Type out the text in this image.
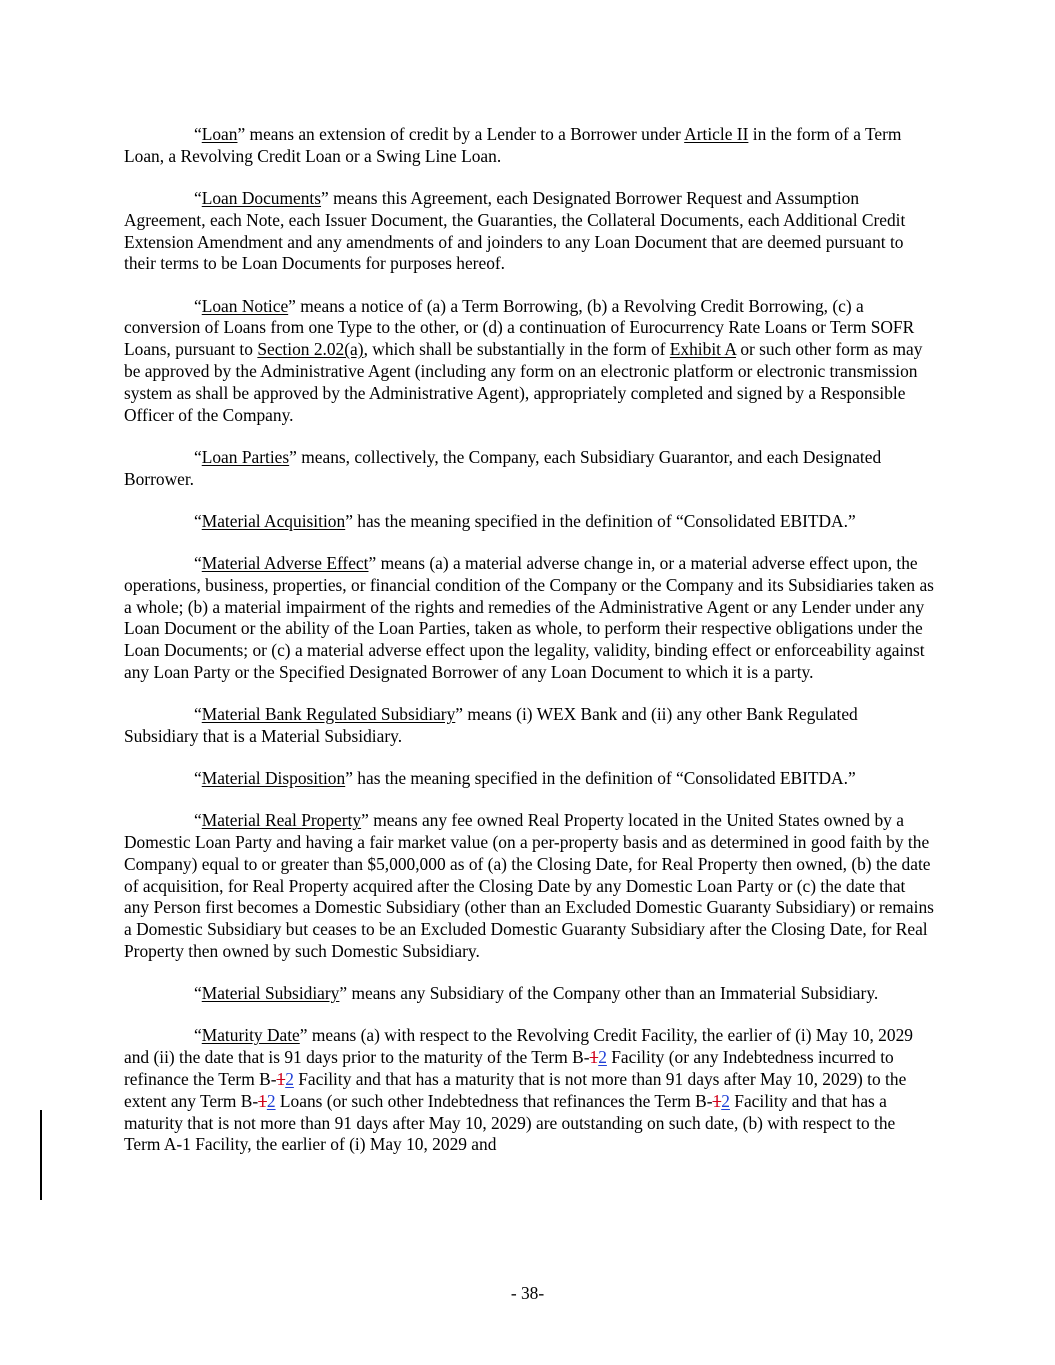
“Loan” means an extension of credit by a Lender to a Borrower under Article II in the form of a Term Loan, a Revolving Credit Loan or a Swing Line Loan.

“Loan Documents” means this Agreement, each Designated Borrower Request and Assumption Agreement, each Note, each Issuer Document, the Guaranties, the Collateral Documents, each Additional Credit Extension Amendment and any amendments of and joinders to any Loan Document that are deemed pursuant to their terms to be Loan Documents for purposes hereof.

“Loan Notice” means a notice of (a) a Term Borrowing, (b) a Revolving Credit Borrowing, (c) a conversion of Loans from one Type to the other, or (d) a continuation of Eurocurrency Rate Loans or Term SOFR Loans, pursuant to Section 2.02(a), which shall be substantially in the form of Exhibit A or such other form as may be approved by the Administrative Agent (including any form on an electronic platform or electronic transmission system as shall be approved by the Administrative Agent), appropriately completed and signed by a Responsible Officer of the Company.

“Loan Parties” means, collectively, the Company, each Subsidiary Guarantor, and each Designated Borrower.

“Material Acquisition” has the meaning specified in the definition of “Consolidated EBITDA.”

“Material Adverse Effect” means (a) a material adverse change in, or a material adverse effect upon, the operations, business, properties, or financial condition of the Company or the Company and its Subsidiaries taken as a whole; (b) a material impairment of the rights and remedies of the Administrative Agent or any Lender under any Loan Document or the ability of the Loan Parties, taken as whole, to perform their respective obligations under the Loan Documents; or (c) a material adverse effect upon the legality, validity, binding effect or enforceability against any Loan Party or the Specified Designated Borrower of any Loan Document to which it is a party.

“Material Bank Regulated Subsidiary” means (i) WEX Bank and (ii) any other Bank Regulated Subsidiary that is a Material Subsidiary.

“Material Disposition” has the meaning specified in the definition of “Consolidated EBITDA.”

“Material Real Property” means any fee owned Real Property located in the United States owned by a Domestic Loan Party and having a fair market value (on a per-property basis and as determined in good faith by the Company) equal to or greater than $5,000,000 as of (a) the Closing Date, for Real Property then owned, (b) the date of acquisition, for Real Property acquired after the Closing Date by any Domestic Loan Party or (c) the date that any Person first becomes a Domestic Subsidiary (other than an Excluded Domestic Guaranty Subsidiary) or remains a Domestic Subsidiary but ceases to be an Excluded Domestic Guaranty Subsidiary after the Closing Date, for Real Property then owned by such Domestic Subsidiary.

“Material Subsidiary” means any Subsidiary of the Company other than an Immaterial Subsidiary.

“Maturity Date” means (a) with respect to the Revolving Credit Facility, the earlier of (i) May 10, 2029 and (ii) the date that is 91 days prior to the maturity of the Term B-12 Facility (or any Indebtedness incurred to refinance the Term B-12 Facility and that has a maturity that is not more than 91 days after May 10, 2029) to the extent any Term B-12 Loans (or such other Indebtedness that refinances the Term B-12 Facility and that has a maturity that is not more than 91 days after May 10, 2029) are outstanding on such date, (b) with respect to the Term A-1 Facility, the earlier of (i) May 10, 2029 and

- 38-
